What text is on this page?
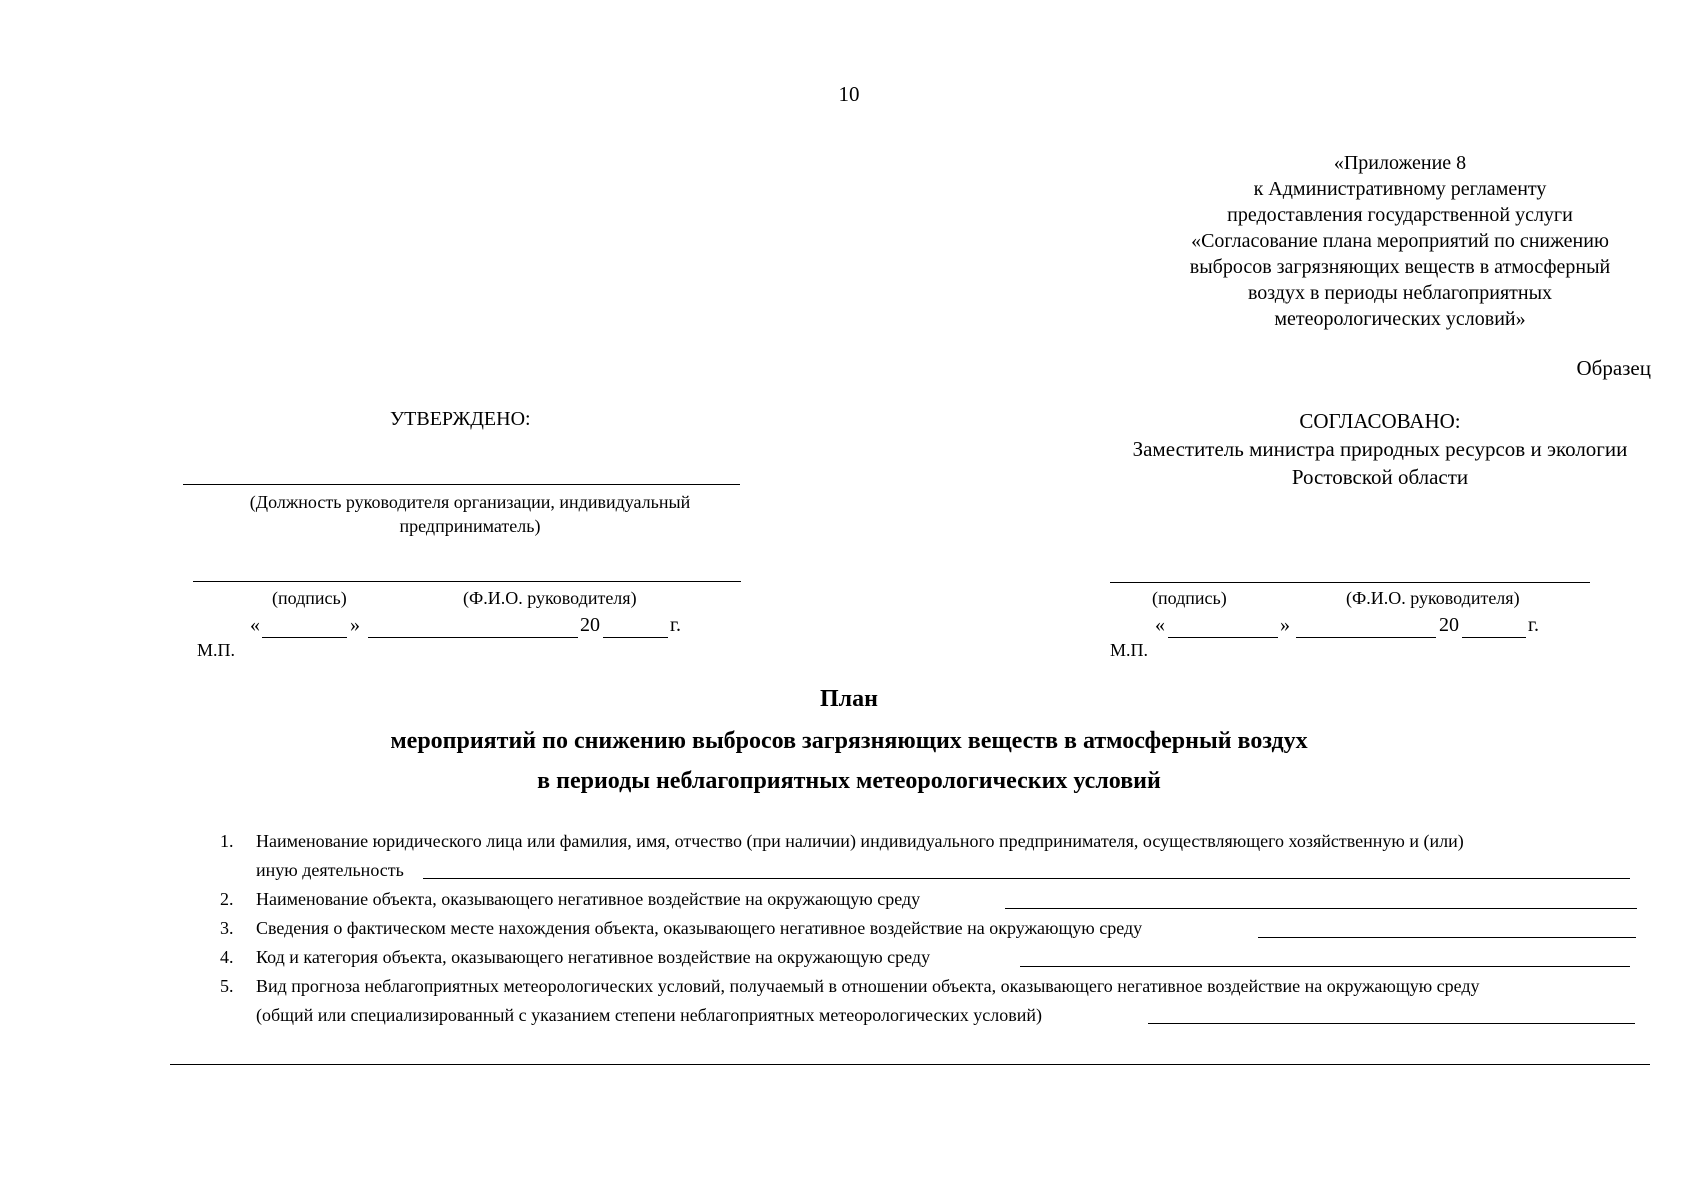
10
«Приложение 8
к Административному регламенту
предоставления государственной услуги
«Согласование плана мероприятий по снижению
выбросов загрязняющих веществ в атмосферный
воздух в периоды неблагоприятных
метеорологических условий»
Образец
УТВЕРЖДЕНО:
(Должность руководителя организации, индивидуальный
предприниматель)
(подпись)	(Ф.И.О. руководителя)
«	»	20	г.
М.П.
СОГЛАСОВАНО:
Заместитель министра природных ресурсов и экологии
Ростовской области
(подпись)	(Ф.И.О. руководителя)
«	»	20	г.
М.П.
План
мероприятий по снижению выбросов загрязняющих веществ в атмосферный воздух
в периоды неблагоприятных метеорологических условий
1. Наименование юридического лица или фамилия, имя, отчество (при наличии) индивидуального предпринимателя, осуществляющего хозяйственную и (или)
иную деятельность
2. Наименование объекта, оказывающего негативное воздействие на окружающую среду
3. Сведения о фактическом месте нахождения объекта, оказывающего негативное воздействие на окружающую среду
4. Код и категория объекта, оказывающего негативное воздействие на окружающую среду
5. Вид прогноза неблагоприятных метеорологических условий, получаемый в отношении объекта, оказывающего негативное воздействие на окружающую среду
(общий или специализированный с указанием степени неблагоприятных метеорологических условий)
